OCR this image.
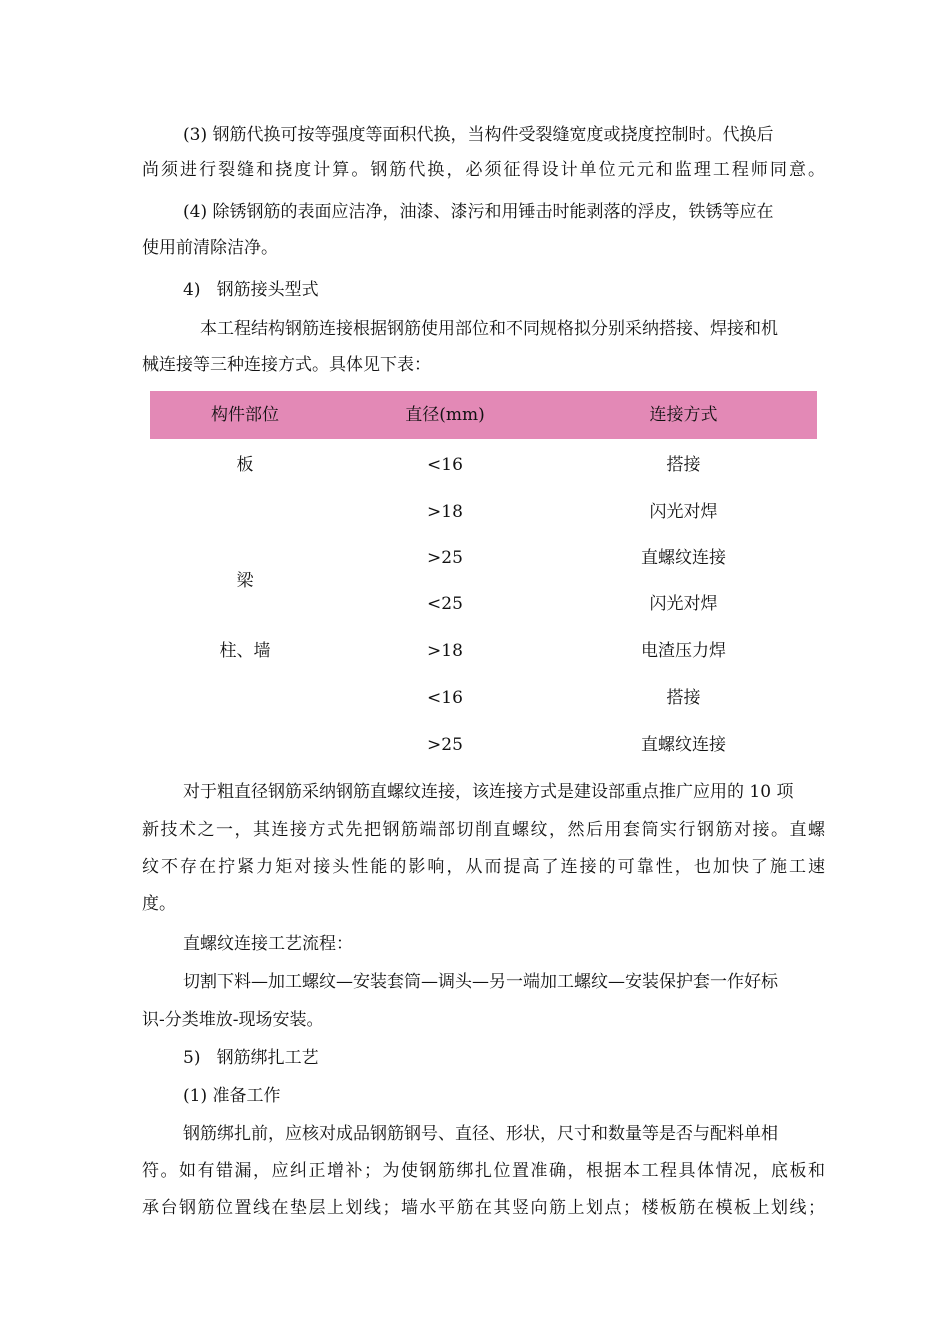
(3) 钢筋代换可按等强度等面积代换，当构件受裂缝宽度或挠度控制时。代换后
尚须进行裂缝和挠度计算。钢筋代换，必须征得设计单位元元和监理工程师同意。
(4) 除锈钢筋的表面应洁净，油漆、漆污和用锤击时能剥落的浮皮，铁锈等应在
使用前清除洁净。
4)   钢筋接头型式
本工程结构钢筋连接根据钢筋使用部位和不同规格拟分别采纳搭接、焊接和机
械连接等三种连接方式。具体见下表：
构件部位	直径(mm)	连接方式
板
梁
柱、墙
<16
>18
>25
<25
>18
<16
>25
搭接
闪光对焊
直螺纹连接
闪光对焊
电渣压力焊
搭接
直螺纹连接
对于粗直径钢筋采纳钢筋直螺纹连接，该连接方式是建设部重点推广应用的 10 项
新技术之一，其连接方式先把钢筋端部切削直螺纹，然后用套筒实行钢筋对接。直螺
纹不存在拧紧力矩对接头性能的影响，从而提高了连接的可靠性，也加快了施工速
度。
直螺纹连接工艺流程：
切割下料—加工螺纹—安装套筒—调头—另一端加工螺纹—安装保护套一作好标
识-分类堆放-现场安装。
5)   钢筋绑扎工艺
(1) 准备工作
钢筋绑扎前，应核对成品钢筋钢号、直径、形状，尺寸和数量等是否与配料单相
符。如有错漏，应纠正增补；为使钢筋绑扎位置准确，根据本工程具体情况，底板和
承台钢筋位置线在垫层上划线；墙水平筋在其竖向筋上划点；楼板筋在模板上划线；
